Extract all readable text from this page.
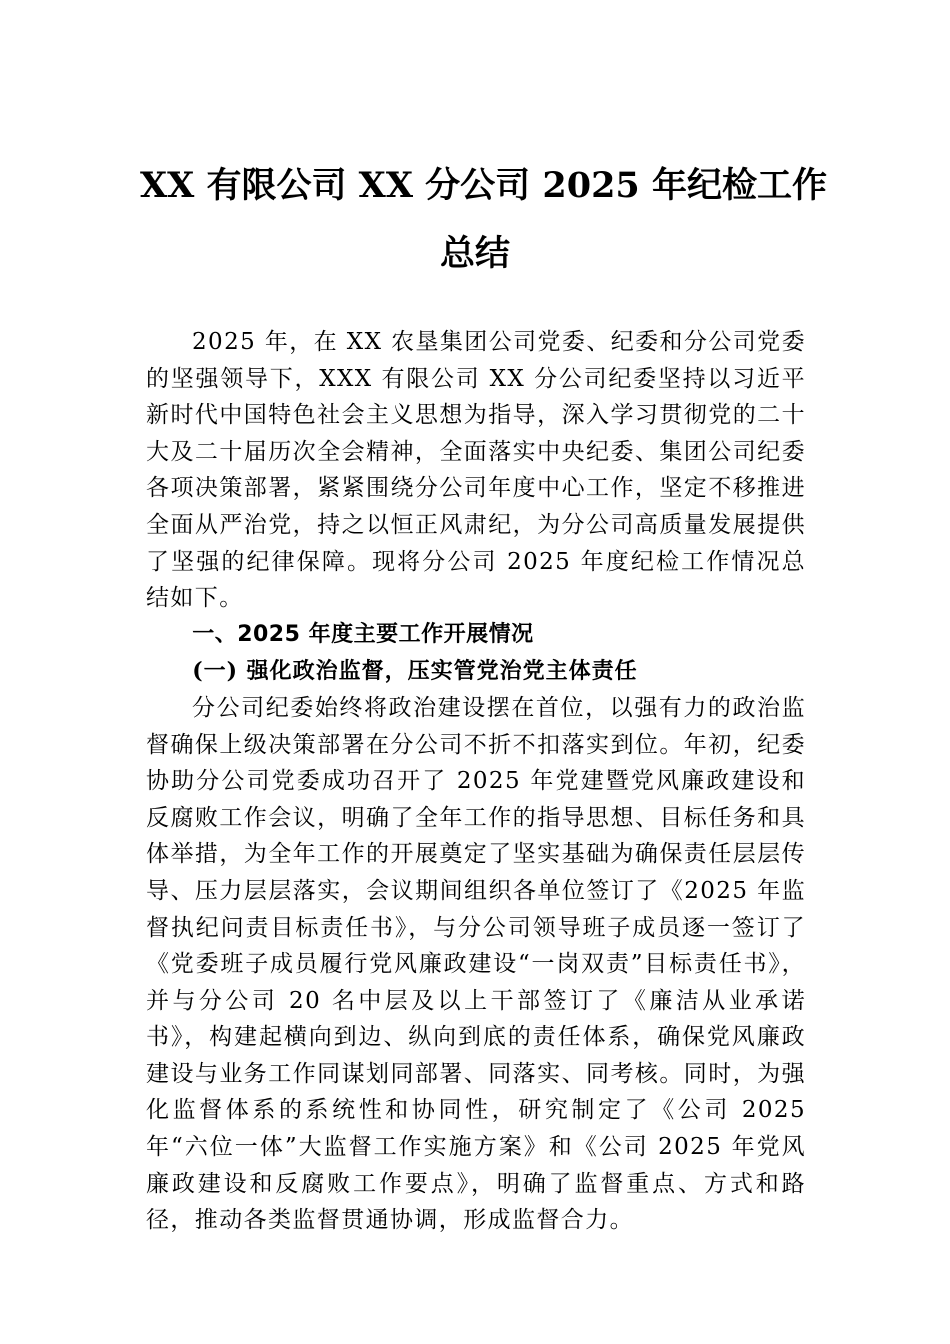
XX 有限公司 XX 分公司 2025 年纪检工作
总结

2025 年，在 XX 农垦集团公司党委、纪委和分公司党委的坚强领导下，XXX 有限公司 XX 分公司纪委坚持以习近平新时代中国特色社会主义思想为指导，深入学习贯彻党的二十大及二十届历次全会精神，全面落实中央纪委、集团公司纪委各项决策部署，紧紧围绕分公司年度中心工作，坚定不移推进全面从严治党，持之以恒正风肃纪，为分公司高质量发展提供了坚强的纪律保障。现将分公司 2025 年度纪检工作情况总结如下。

一、2025 年度主要工作开展情况

(一) 强化政治监督，压实管党治党主体责任

分公司纪委始终将政治建设摆在首位，以强有力的政治监督确保上级决策部署在分公司不折不扣落实到位。年初，纪委协助分公司党委成功召开了 2025 年党建暨党风廉政建设和反腐败工作会议，明确了全年工作的指导思想、目标任务和具体举措，为全年工作的开展奠定了坚实基础为确保责任层层传导、压力层层落实，会议期间组织各单位签订了《2025 年监督执纪问责目标责任书》，与分公司领导班子成员逐一签订了《党委班子成员履行党风廉政建设“一岗双责”目标责任书》，并与分公司 20 名中层及以上干部签订了《廉洁从业承诺书》，构建起横向到边、纵向到底的责任体系，确保党风廉政建设与业务工作同谋划同部署、同落实、同考核。同时，为强化监督体系的系统性和协同性，研究制定了《公司 2025 年“六位一体”大监督工作实施方案》和《公司 2025 年党风廉政建设和反腐败工作要点》，明确了监督重点、方式和路径，推动各类监督贯通协调，形成监督合力。
